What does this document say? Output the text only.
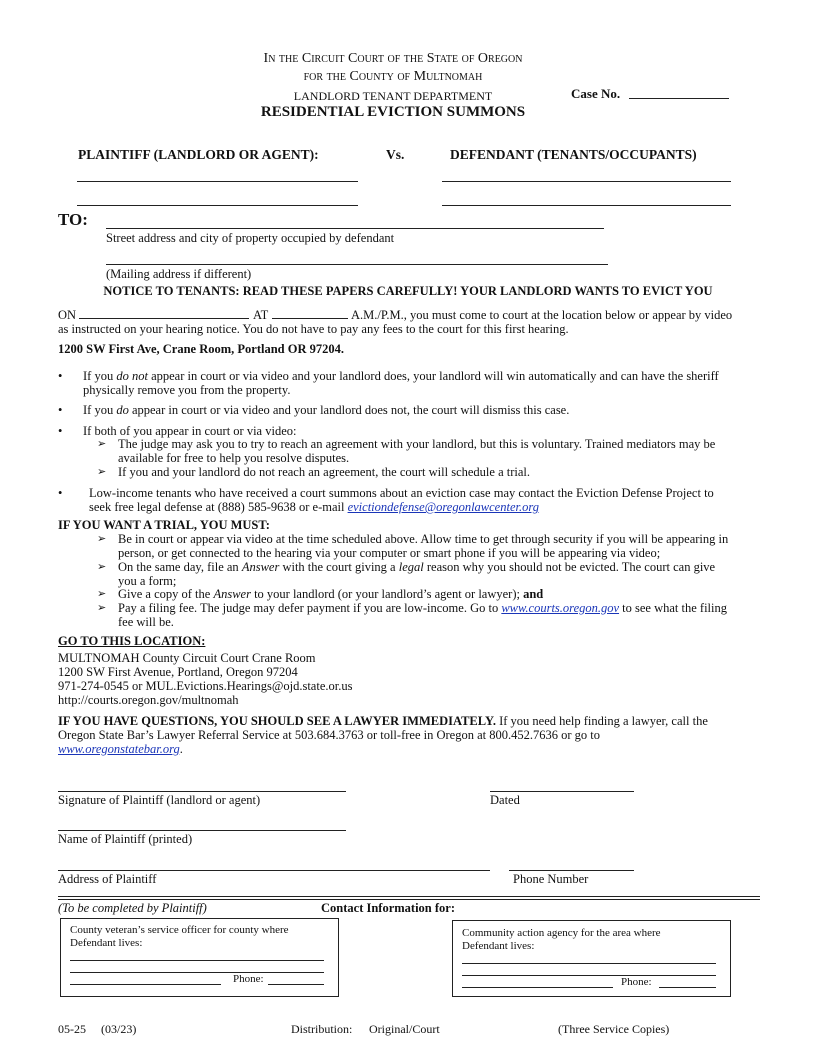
In the Circuit Court of the State of Oregon
for the County of Multnomah
LANDLORD TENANT DEPARTMENT
RESIDENTIAL EVICTION SUMMONS
Case No.
PLAINTIFF (LANDLORD OR AGENT):	Vs.	DEFENDANT (TENANTS/OCCUPANTS)
TO:
Street address and city of property occupied by defendant
(Mailing address if different)
NOTICE TO TENANTS: READ THESE PAPERS CAREFULLY! YOUR LANDLORD WANTS TO EVICT YOU
ON	AT	A.M./P.M., you must come to court at the location below or appear by video
as instructed on your hearing notice. You do not have to pay any fees to the court for this first hearing.
1200 SW First Ave, Crane Room, Portland OR 97204.
• If you do not appear in court or via video and your landlord does, your landlord will win automatically and can have the sheriff
physically remove you from the property.
• If you do appear in court or via video and your landlord does not, the court will dismiss this case.
• If both of you appear in court or via video:
➢ The judge may ask you to try to reach an agreement with your landlord, but this is voluntary. Trained mediators may be
available for free to help you resolve disputes.
➢ If you and your landlord do not reach an agreement, the court will schedule a trial.
• Low-income tenants who have received a court summons about an eviction case may contact the Eviction Defense Project to
seek free legal defense at (888) 585-9638 or e-mail evictiondefense@oregonlawcenter.org
IF YOU WANT A TRIAL, YOU MUST:
➢ Be in court or appear via video at the time scheduled above. Allow time to get through security if you will be appearing in
person, or get connected to the hearing via your computer or smart phone if you will be appearing via video;
➢ On the same day, file an Answer with the court giving a legal reason why you should not be evicted. The court can give
you a form;
➢ Give a copy of the Answer to your landlord (or your landlord’s agent or lawyer); and
➢ Pay a filing fee. The judge may defer payment if you are low-income. Go to www.courts.oregon.gov to see what the filing
fee will be.
GO TO THIS LOCATION:
MULTNOMAH County Circuit Court Crane Room
1200 SW First Avenue, Portland, Oregon 97204
971-274-0545 or MUL.Evictions.Hearings@ojd.state.or.us
http://courts.oregon.gov/multnomah
IF YOU HAVE QUESTIONS, YOU SHOULD SEE A LAWYER IMMEDIATELY. If you need help finding a lawyer, call the
Oregon State Bar’s Lawyer Referral Service at 503.684.3763 or toll-free in Oregon at 800.452.7636 or go to
www.oregonstatebar.org.
Signature of Plaintiff (landlord or agent)	Dated
Name of Plaintiff (printed)
Address of Plaintiff	Phone Number
(To be completed by Plaintiff)	Contact Information for:
County veteran’s service officer for county where Defendant lives:
Phone:
Community action agency for the area where Defendant lives:
Phone:
05-25 (03/23)	Distribution: Original/Court	(Three Service Copies)
